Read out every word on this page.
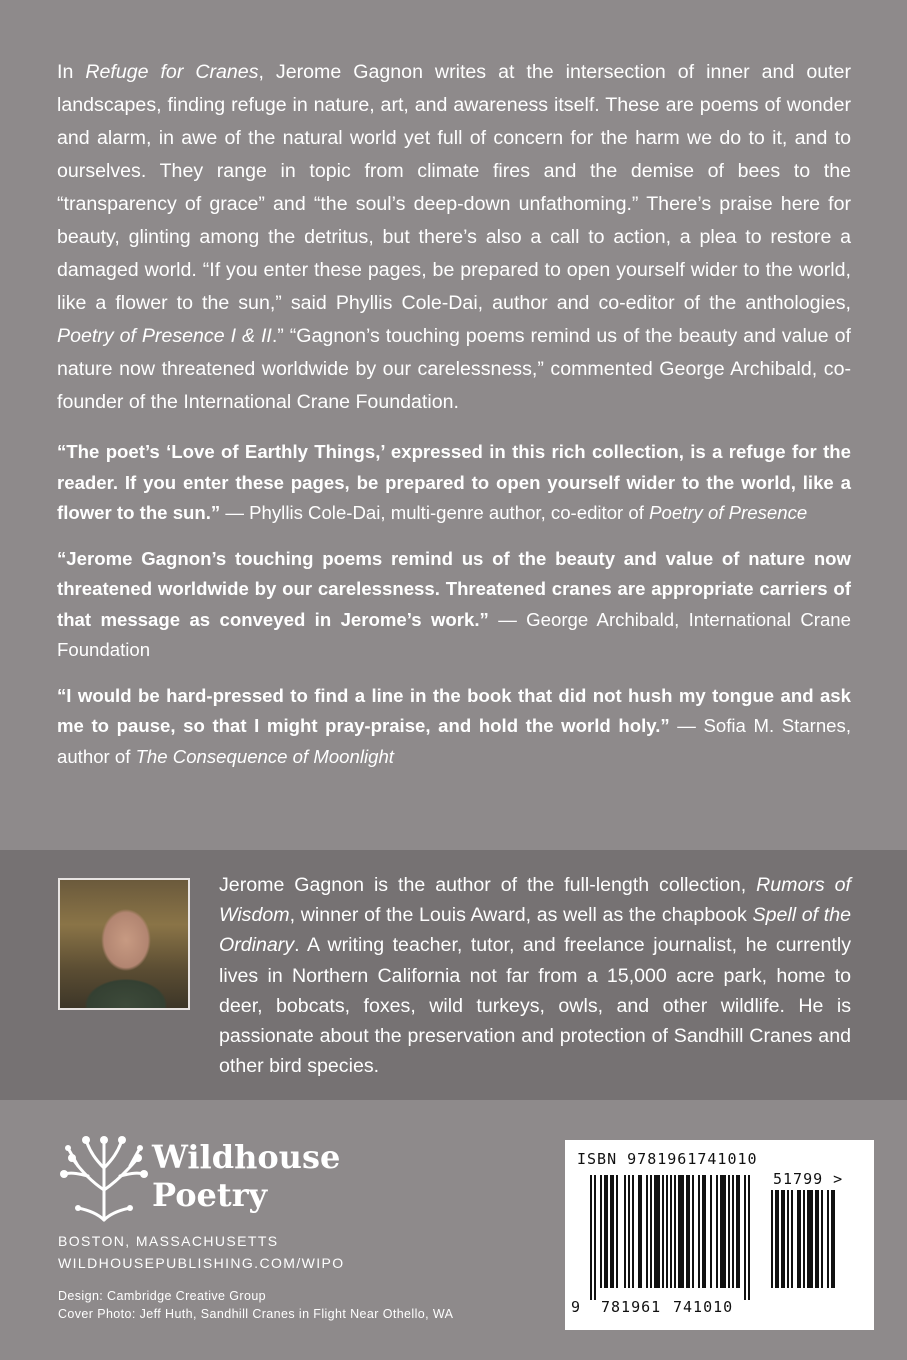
In Refuge for Cranes, Jerome Gagnon writes at the intersection of inner and outer landscapes, finding refuge in nature, art, and awareness itself. These are poems of wonder and alarm, in awe of the natural world yet full of concern for the harm we do to it, and to ourselves. They range in topic from climate fires and the demise of bees to the “transparency of grace” and “the soul’s deep-down unfathoming.” There’s praise here for beauty, glinting among the detritus, but there’s also a call to action, a plea to restore a damaged world. “If you enter these pages, be prepared to open yourself wider to the world, like a flower to the sun,” said Phyllis Cole-Dai, author and co-editor of the anthologies, Poetry of Presence I & II.” “Gagnon’s touching poems remind us of the beauty and value of nature now threatened worldwide by our carelessness,” commented George Archibald, co-founder of the International Crane Foundation.

“The poet’s ‘Love of Earthly Things,’ expressed in this rich collection, is a refuge for the reader. If you enter these pages, be prepared to open yourself wider to the world, like a flower to the sun.” — Phyllis Cole-Dai, multi-genre author, co-editor of Poetry of Presence

“Jerome Gagnon’s touching poems remind us of the beauty and value of nature now threatened worldwide by our carelessness. Threatened cranes are appropriate carriers of that message as conveyed in Jerome’s work.” — George Archibald, International Crane Foundation

“I would be hard-pressed to find a line in the book that did not hush my tongue and ask me to pause, so that I might pray-praise, and hold the world holy.” — Sofia M. Starnes, author of The Consequence of Moonlight

Jerome Gagnon is the author of the full-length collection, Rumors of Wisdom, winner of the Louis Award, as well as the chapbook Spell of the Ordinary. A writing teacher, tutor, and freelance journalist, he currently lives in Northern California not far from a 15,000 acre park, home to deer, bobcats, foxes, wild turkeys, owls, and other wildlife. He is passionate about the preservation and protection of Sandhill Cranes and other bird species.

Wildhouse
Poetry
BOSTON, MASSACHUSETTS
WILDHOUSEPUBLISHING.COM/WIPO
Design: Cambridge Creative Group
Cover Photo: Jeff Huth, Sandhill Cranes in Flight Near Othello, WA
ISBN 9781961741010
51799 >
9 781961 741010
